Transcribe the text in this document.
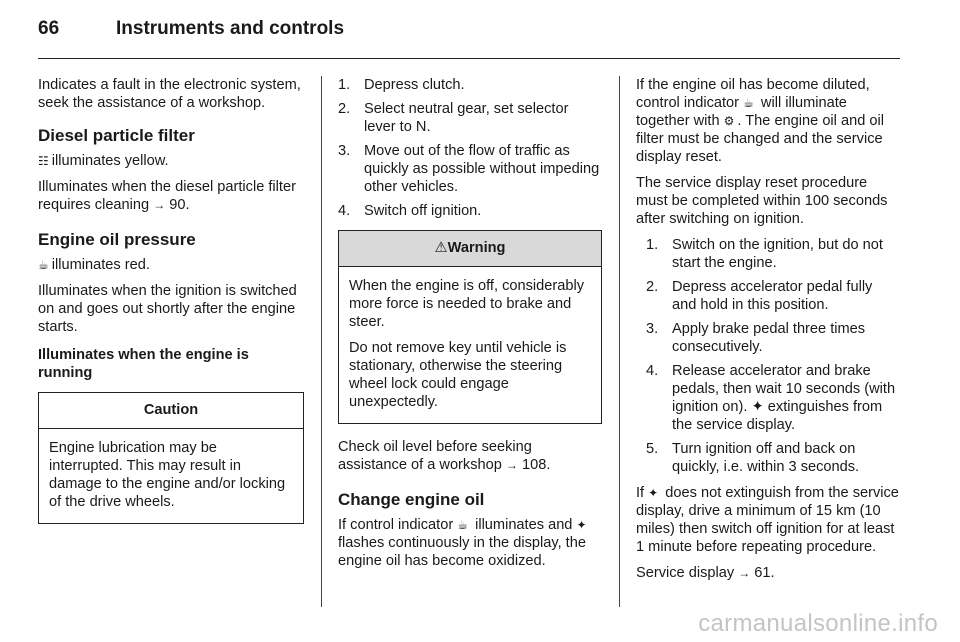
66	Instruments and controls

Indicates a fault in the electronic system, seek the assistance of a workshop.

Diesel particle filter

☷ illuminates yellow.

Illuminates when the diesel particle filter requires cleaning → 90.

Engine oil pressure

☕ illuminates red.

Illuminates when the ignition is switched on and goes out shortly after the engine starts.

Illuminates when the engine is running
Caution

Engine lubrication may be interrupted. This may result in damage to the engine and/or locking of the drive wheels.

1. Depress clutch.
2. Select neutral gear, set selector lever to N.
3. Move out of the flow of traffic as quickly as possible without impeding other vehicles.
4. Switch off ignition.
⚠Warning

When the engine is off, considerably more force is needed to brake and steer.

Do not remove key until vehicle is stationary, otherwise the steering wheel lock could engage unexpectedly.

Check oil level before seeking assistance of a workshop → 108.

Change engine oil

If control indicator ☕ illuminates and ✦ flashes continuously in the display, the engine oil has become oxidized.

If the engine oil has become diluted, control indicator ☕ will illuminate together with ⚙ . The engine oil and oil filter must be changed and the service display reset.

The service display reset procedure must be completed within 100 seconds after switching on ignition.

1. Switch on the ignition, but do not start the engine.
2. Depress accelerator pedal fully and hold in this position.
3. Apply brake pedal three times consecutively.
4. Release accelerator and brake pedals, then wait 10 seconds (with ignition on). ✦ extinguishes from the service display.
5. Turn ignition off and back on quickly, i.e. within 3 seconds.

If ✦ does not extinguish from the service display, drive a minimum of 15 km (10 miles) then switch off ignition for at least 1 minute before repeating procedure.

Service display → 61.

carmanualsonline.info
